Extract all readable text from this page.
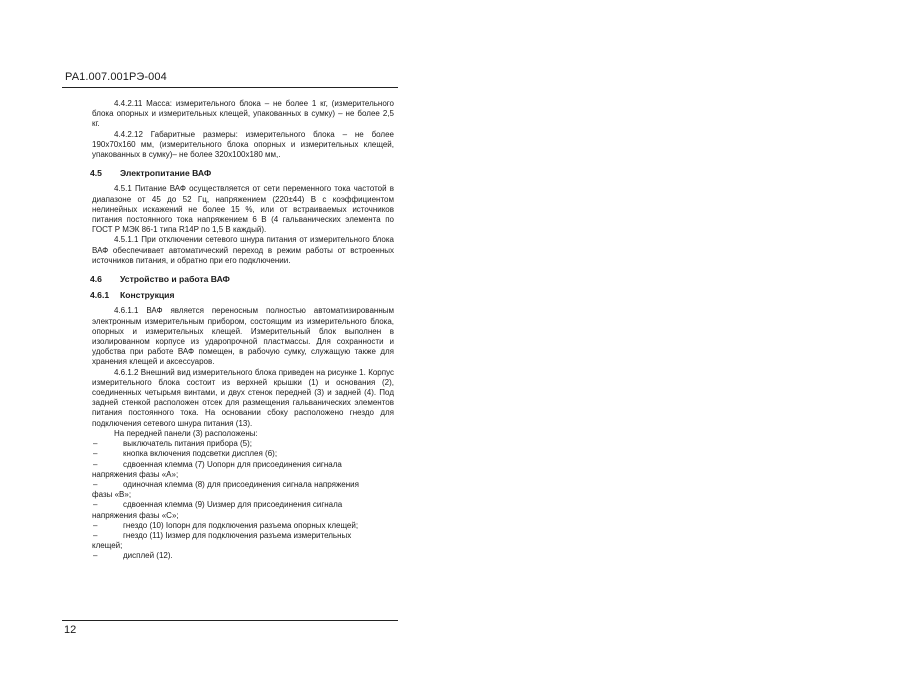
РА1.007.001РЭ-004

4.4.2.11 Масса: измерительного блока – не более 1 кг, (измерительного блока опорных и измерительных клещей, упакованных в сумку) – не более 2,5 кг.

4.4.2.12 Габаритные размеры: измерительного блока – не более 190х70х160 мм, (измерительного блока опорных и измерительных клещей, упакованных в сумку)– не более 320х100х180 мм,.

4.5 Электропитание ВАФ

4.5.1 Питание ВАФ осуществляется от сети переменного тока частотой в диапазоне от 45 до 52 Гц, напряжением (220±44) В с коэффициентом нелинейных искажений не более 15 %, или от встраиваемых источников питания постоянного тока напряжением 6 В (4 гальванических элемента по ГОСТ Р МЭК 86-1 типа R14P по 1,5 В каждый).

4.5.1.1 При отключении сетевого шнура питания от измерительного блока ВАФ обеспечивает автоматический переход в режим работы от встроенных источников питания, и обратно при его подключении.

4.6 Устройство и работа ВАФ

4.6.1 Конструкция

4.6.1.1 ВАФ является переносным полностью автоматизированным электронным измерительным прибором, состоящим из измерительного блока, опорных и измерительных клещей. Измерительный блок выполнен в изолированном корпусе из ударопрочной пластмассы. Для сохранности и удобства при работе ВАФ помещен, в рабочую сумку, служащую также для хранения клещей и аксессуаров.

4.6.1.2 Внешний вид измерительного блока приведен на рисунке 1. Корпус измерительного блока состоит из верхней крышки (1) и основания (2), соединенных четырьмя винтами, и двух стенок передней (3) и задней (4). Под задней стенкой расположен отсек для размещения гальванических элементов питания постоянного тока. На основании сбоку расположено гнездо для подключения сетевого шнура питания (13).

На передней панели (3) расположены:

–	выключатель питания прибора (5);
–	кнопка включения подсветки дисплея (6);
–	сдвоенная клемма (7) Uопорн для присоединения сигнала

напряжения фазы «А»;

–	одиночная клемма (8) для присоединения сигнала напряжения

фазы «В»;

–	сдвоенная клемма (9) Uизмер для присоединения сигнала

напряжения фазы «С»;

–	гнездо (10) Iопорн для подключения разъема опорных клещей;
–	гнездо (11) Iизмер для подключения разъема измерительных

клещей;

–	дисплей (12).
12
